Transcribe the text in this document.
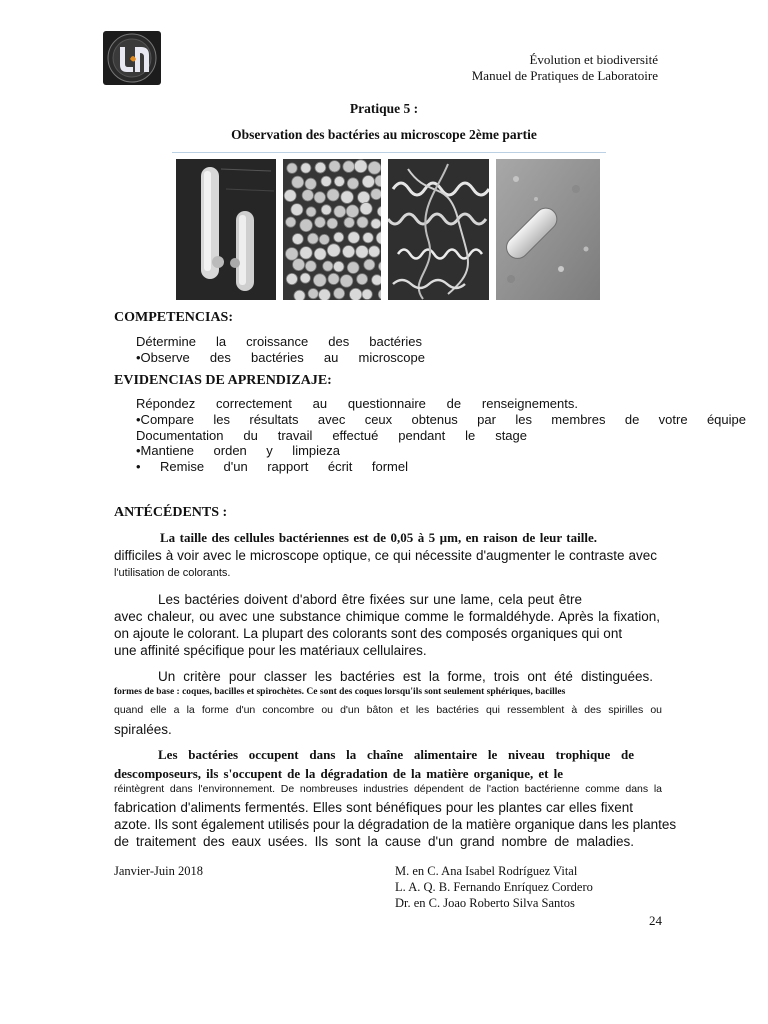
Évolution et biodiversité
Manuel de Pratiques de Laboratoire
Pratique 5 :
Observation des bactéries au microscope 2ème partie
COMPETENCIAS:
Détermine la croissance des bactéries
•Observe des bactéries au microscope
EVIDENCIAS DE APRENDIZAJE:
Répondez correctement au questionnaire de renseignements.
•Compare les résultats avec ceux obtenus par les membres de votre équipe
Documentation du travail effectué pendant le stage
•Mantiene orden y limpieza
• Remise d'un rapport écrit formel
ANTÉCÉDENTS :
La taille des cellules bactériennes est de 0,05 à 5 µm, en raison de leur taille.
difficiles à voir avec le microscope optique, ce qui nécessite d'augmenter le contraste avec
l'utilisation de colorants.
Les bactéries doivent d'abord être fixées sur une lame, cela peut être
avec chaleur, ou avec une substance chimique comme le formaldéhyde. Après la fixation,
on ajoute le colorant. La plupart des colorants sont des composés organiques qui ont
une affinité spécifique pour les matériaux cellulaires.
Un critère pour classer les bactéries est la forme, trois ont été distinguées.
formes de base : coques, bacilles et spirochètes. Ce sont des coques lorsqu'ils sont seulement sphériques, bacilles
quand elle a la forme d'un concombre ou d'un bâton et les bactéries qui ressemblent à des spirilles ou
spiralées.
Les bactéries occupent dans la chaîne alimentaire le niveau trophique de
descomposeurs, ils s'occupent de la dégradation de la matière organique, et le
réintègrent dans l'environnement. De nombreuses industries dépendent de l'action bactérienne comme dans la
fabrication d'aliments fermentés. Elles sont bénéfiques pour les plantes car elles fixent
azote. Ils sont également utilisés pour la dégradation de la matière organique dans les plantes
de traitement des eaux usées. Ils sont la cause d'un grand nombre de maladies.
Janvier-Juin 2018	M. en C. Ana Isabel Rodríguez Vital
L. A. Q. B. Fernando Enríquez Cordero
Dr. en C. Joao Roberto Silva Santos
24
